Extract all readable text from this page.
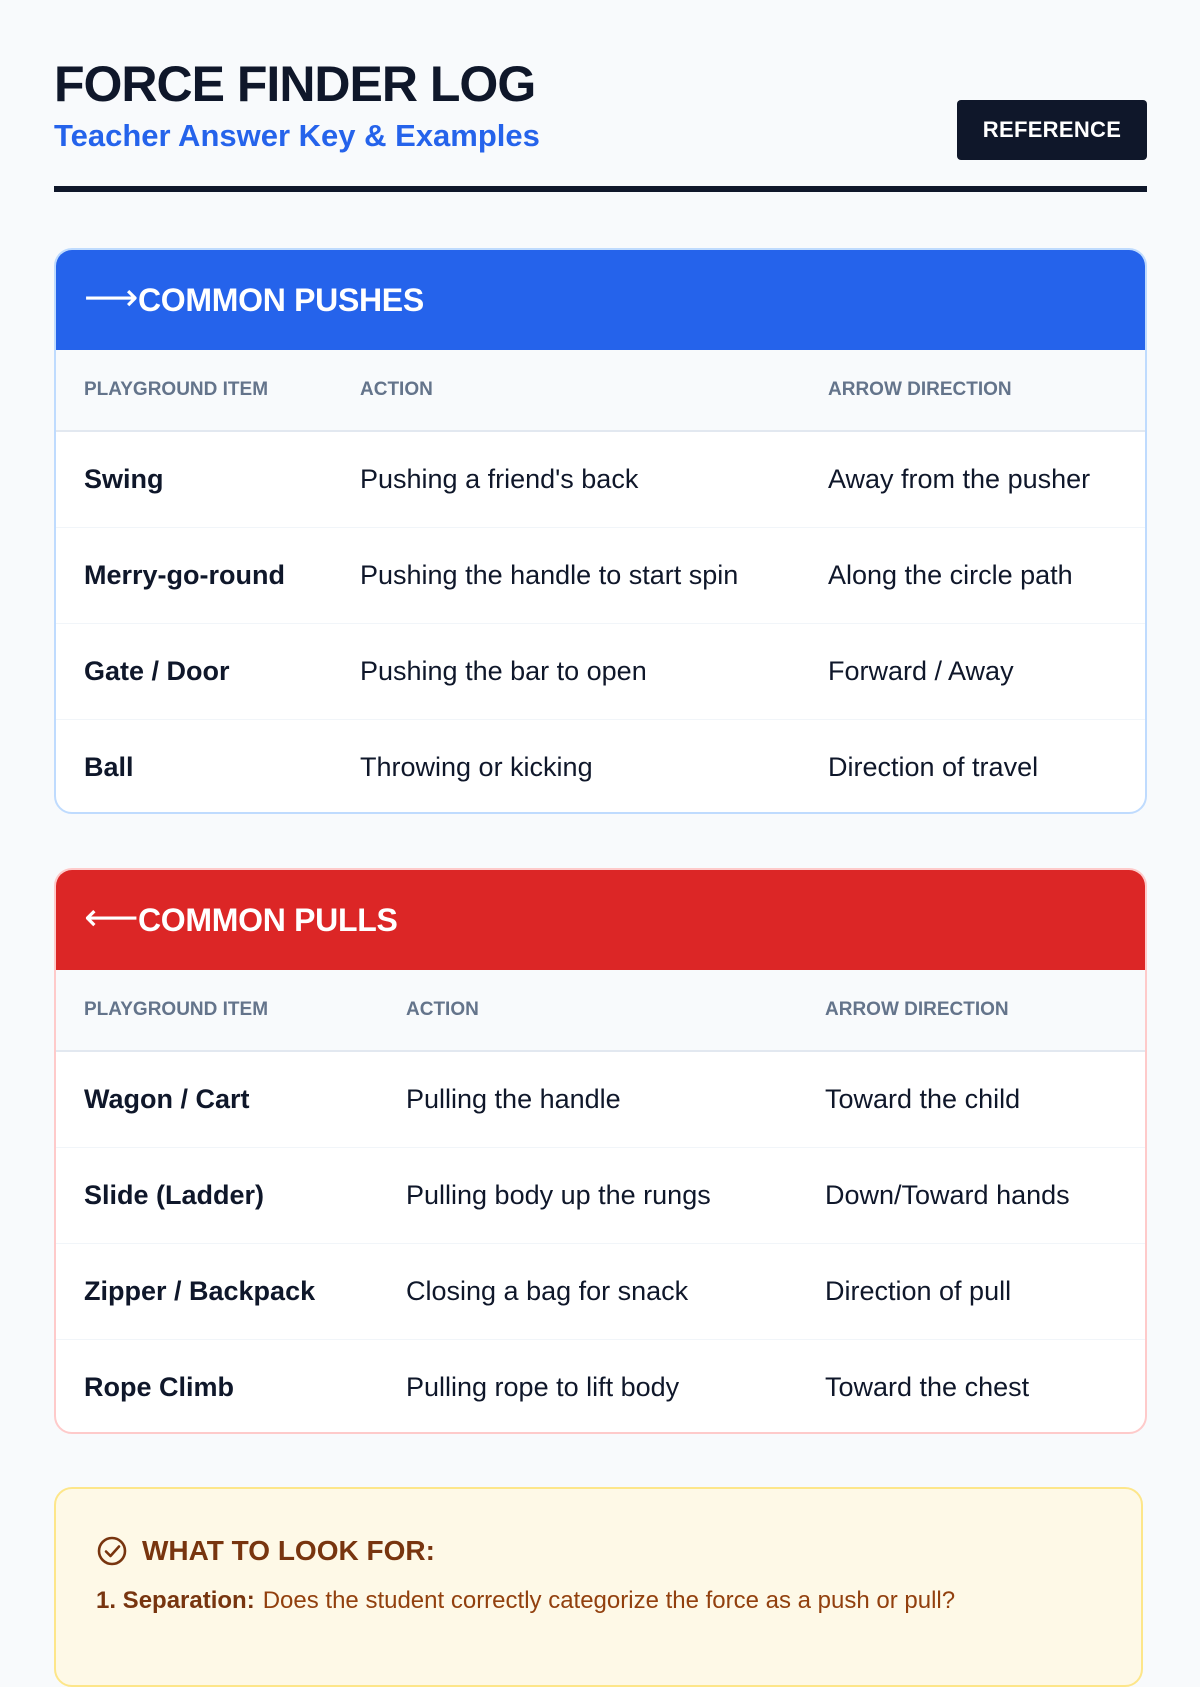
FORCE FINDER LOG
Teacher Answer Key & Examples	REFERENCE
⟶ COMMON PUSHES
PLAYGROUND ITEM	ACTION	ARROW DIRECTION
Swing	Pushing a friend's back	Away from the pusher
Merry-go-round	Pushing the handle to start spin	Along the circle path
Gate / Door	Pushing the bar to open	Forward / Away
Ball	Throwing or kicking	Direction of travel
⟵ COMMON PULLS
PLAYGROUND ITEM	ACTION	ARROW DIRECTION
Wagon / Cart	Pulling the handle	Toward the child
Slide (Ladder)	Pulling body up the rungs	Down/Toward hands
Zipper / Backpack	Closing a bag for snack	Direction of pull
Rope Climb	Pulling rope to lift body	Toward the chest
WHAT TO LOOK FOR:
1. Separation: Does the student correctly categorize the force as a push or pull?
